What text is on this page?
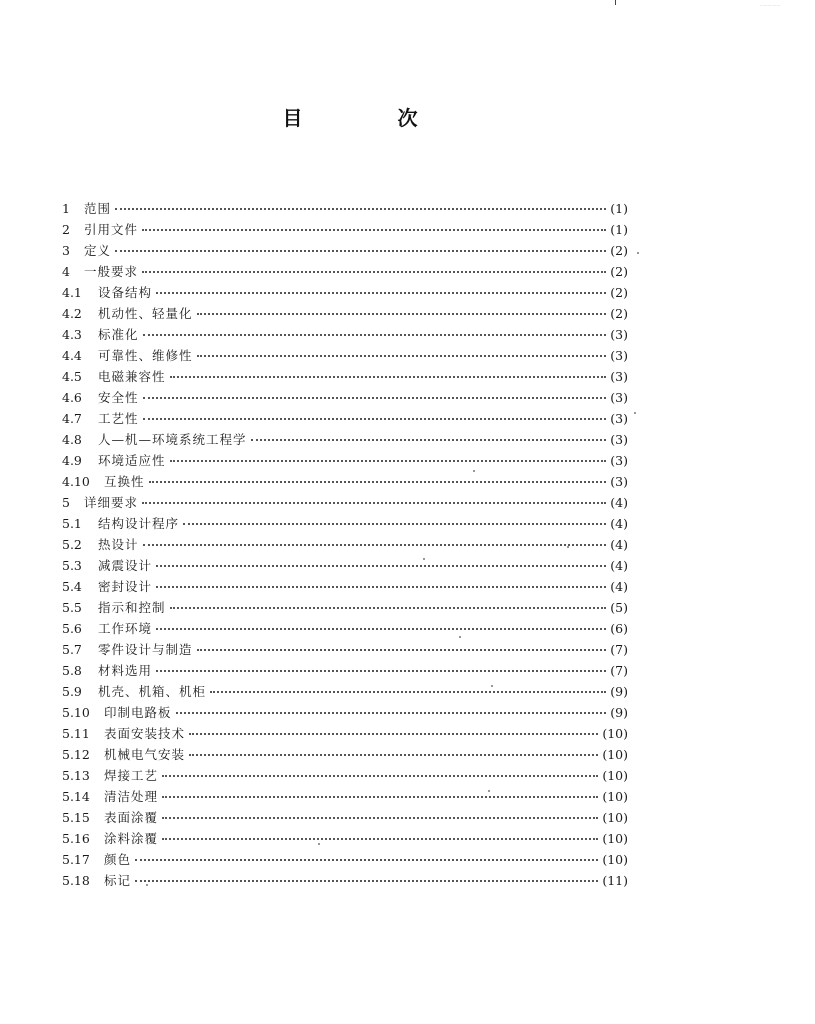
................
目 次
1	范围	(1)
2	引用文件	(1)
3	定义	(2)
4	一般要求	(2)
4.1	设备结构	(2)
4.2	机动性、轻量化	(2)
4.3	标准化	(3)
4.4	可靠性、维修性	(3)
4.5	电磁兼容性	(3)
4.6	安全性	(3)
4.7	工艺性	(3)
4.8	人—机—环境系统工程学	(3)
4.9	环境适应性	(3)
4.10	互换性	(3)
5	详细要求	(4)
5.1	结构设计程序	(4)
5.2	热设计	(4)
5.3	减震设计	(4)
5.4	密封设计	(4)
5.5	指示和控制	(5)
5.6	工作环境	(6)
5.7	零件设计与制造	(7)
5.8	材料选用	(7)
5.9	机壳、机箱、机柜	(9)
5.10	印制电路板	(9)
5.11	表面安装技术	(10)
5.12	机械电气安装	(10)
5.13	焊接工艺	(10)
5.14	清洁处理	(10)
5.15	表面涂覆	(10)
5.16	涂料涂覆	(10)
5.17	颜色	(10)
5.18	标记	(11)
